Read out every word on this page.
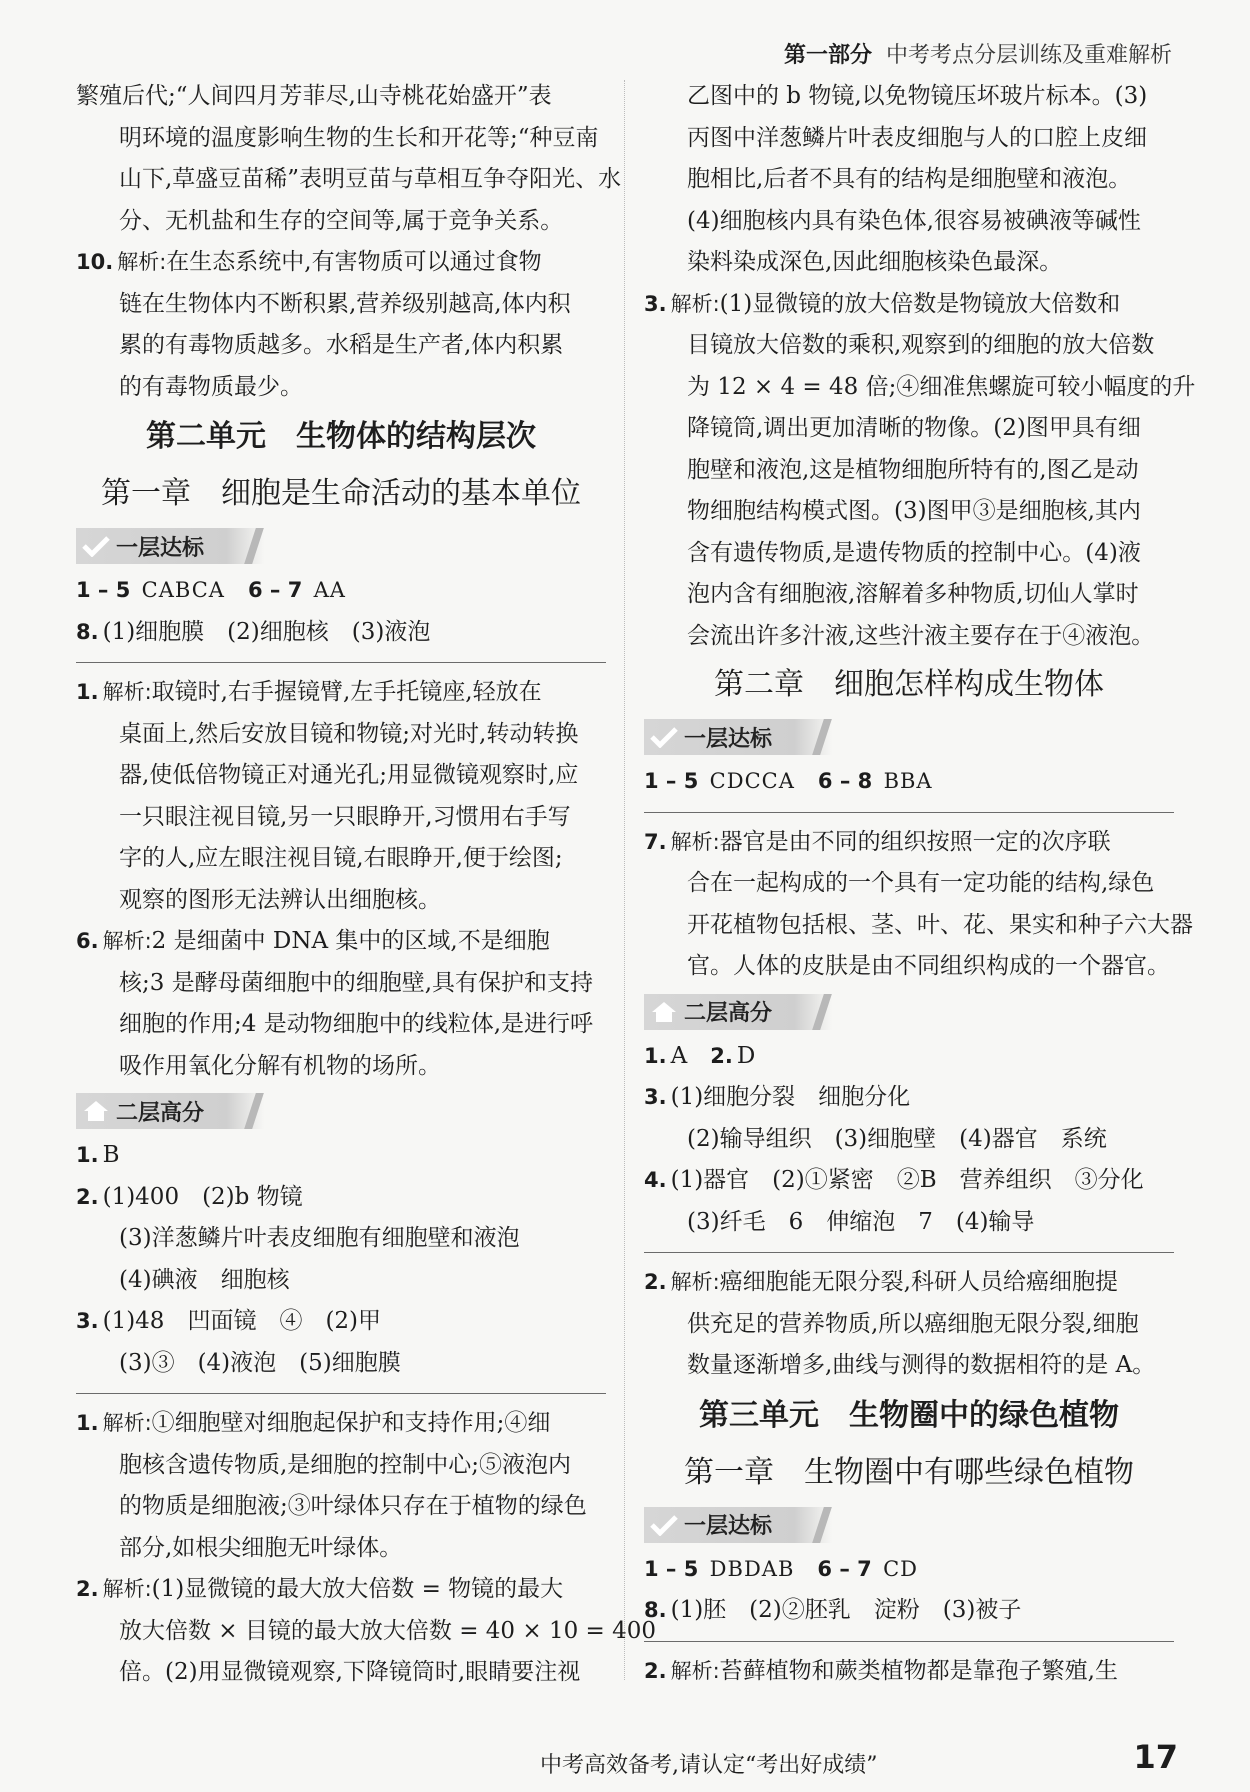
第一部分 中考考点分层训练及重难解析
繁殖后代;“人间四月芳菲尽,山寺桃花始盛开”表
明环境的温度影响生物的生长和开花等;“种豆南
山下,草盛豆苗稀”表明豆苗与草相互争夺阳光、水
分、无机盐和生存的空间等,属于竞争关系。
10. 解析:在生态系统中,有害物质可以通过食物
链在生物体内不断积累,营养级别越高,体内积
累的有毒物质越多。水稻是生产者,体内积累
的有毒物质最少。
第二单元　生物体的结构层次
第一章　细胞是生命活动的基本单位
一层达标
1 – 5 CABCA　 6 – 7 AA
8. (1)细胞膜　(2)细胞核　(3)液泡
1. 解析:取镜时,右手握镜臂,左手托镜座,轻放在
桌面上,然后安放目镜和物镜;对光时,转动转换
器,使低倍物镜正对通光孔;用显微镜观察时,应
一只眼注视目镜,另一只眼睁开,习惯用右手写
字的人,应左眼注视目镜,右眼睁开,便于绘图;
观察的图形无法辨认出细胞核。
6. 解析:2 是细菌中 DNA 集中的区域,不是细胞
核;3 是酵母菌细胞中的细胞壁,具有保护和支持
细胞的作用;4 是动物细胞中的线粒体,是进行呼
吸作用氧化分解有机物的场所。
二层高分
1. B
2. (1)400　(2)b 物镜
(3)洋葱鳞片叶表皮细胞有细胞壁和液泡
(4)碘液　细胞核
3. (1)48　凹面镜　④　(2)甲
(3)③　(4)液泡　(5)细胞膜
1. 解析:①细胞壁对细胞起保护和支持作用;④细
胞核含遗传物质,是细胞的控制中心;⑤液泡内
的物质是细胞液;③叶绿体只存在于植物的绿色
部分,如根尖细胞无叶绿体。
2. 解析:(1)显微镜的最大放大倍数 = 物镜的最大
放大倍数 × 目镜的最大放大倍数 = 40 × 10 = 400
倍。(2)用显微镜观察,下降镜筒时,眼睛要注视
乙图中的 b 物镜,以免物镜压坏玻片标本。(3)
丙图中洋葱鳞片叶表皮细胞与人的口腔上皮细
胞相比,后者不具有的结构是细胞壁和液泡。
(4)细胞核内具有染色体,很容易被碘液等碱性
染料染成深色,因此细胞核染色最深。
3. 解析:(1)显微镜的放大倍数是物镜放大倍数和
目镜放大倍数的乘积,观察到的细胞的放大倍数
为 12 × 4 = 48 倍;④细准焦螺旋可较小幅度的升
降镜筒,调出更加清晰的物像。(2)图甲具有细
胞壁和液泡,这是植物细胞所特有的,图乙是动
物细胞结构模式图。(3)图甲③是细胞核,其内
含有遗传物质,是遗传物质的控制中心。(4)液
泡内含有细胞液,溶解着多种物质,切仙人掌时
会流出许多汁液,这些汁液主要存在于④液泡。
第二章　细胞怎样构成生物体
一层达标
1 – 5 CDCCA　 6 – 8 BBA
7. 解析:器官是由不同的组织按照一定的次序联
合在一起构成的一个具有一定功能的结构,绿色
开花植物包括根、茎、叶、花、果实和种子六大器
官。人体的皮肤是由不同组织构成的一个器官。
二层高分
1. A　 2. D
3. (1)细胞分裂　细胞分化
(2)输导组织　(3)细胞壁　(4)器官　系统
4. (1)器官　(2)①紧密　②B　营养组织　③分化
(3)纤毛　6　伸缩泡　7　(4)输导
2. 解析:癌细胞能无限分裂,科研人员给癌细胞提
供充足的营养物质,所以癌细胞无限分裂,细胞
数量逐渐增多,曲线与测得的数据相符的是 A。
第三单元　生物圈中的绿色植物
第一章　生物圈中有哪些绿色植物
一层达标
1 – 5 DBDAB　 6 – 7 CD
8. (1)胚　(2)②胚乳　淀粉　(3)被子
2. 解析:苔藓植物和蕨类植物都是靠孢子繁殖,生
中考高效备考,请认定“考出好成绩”	17
